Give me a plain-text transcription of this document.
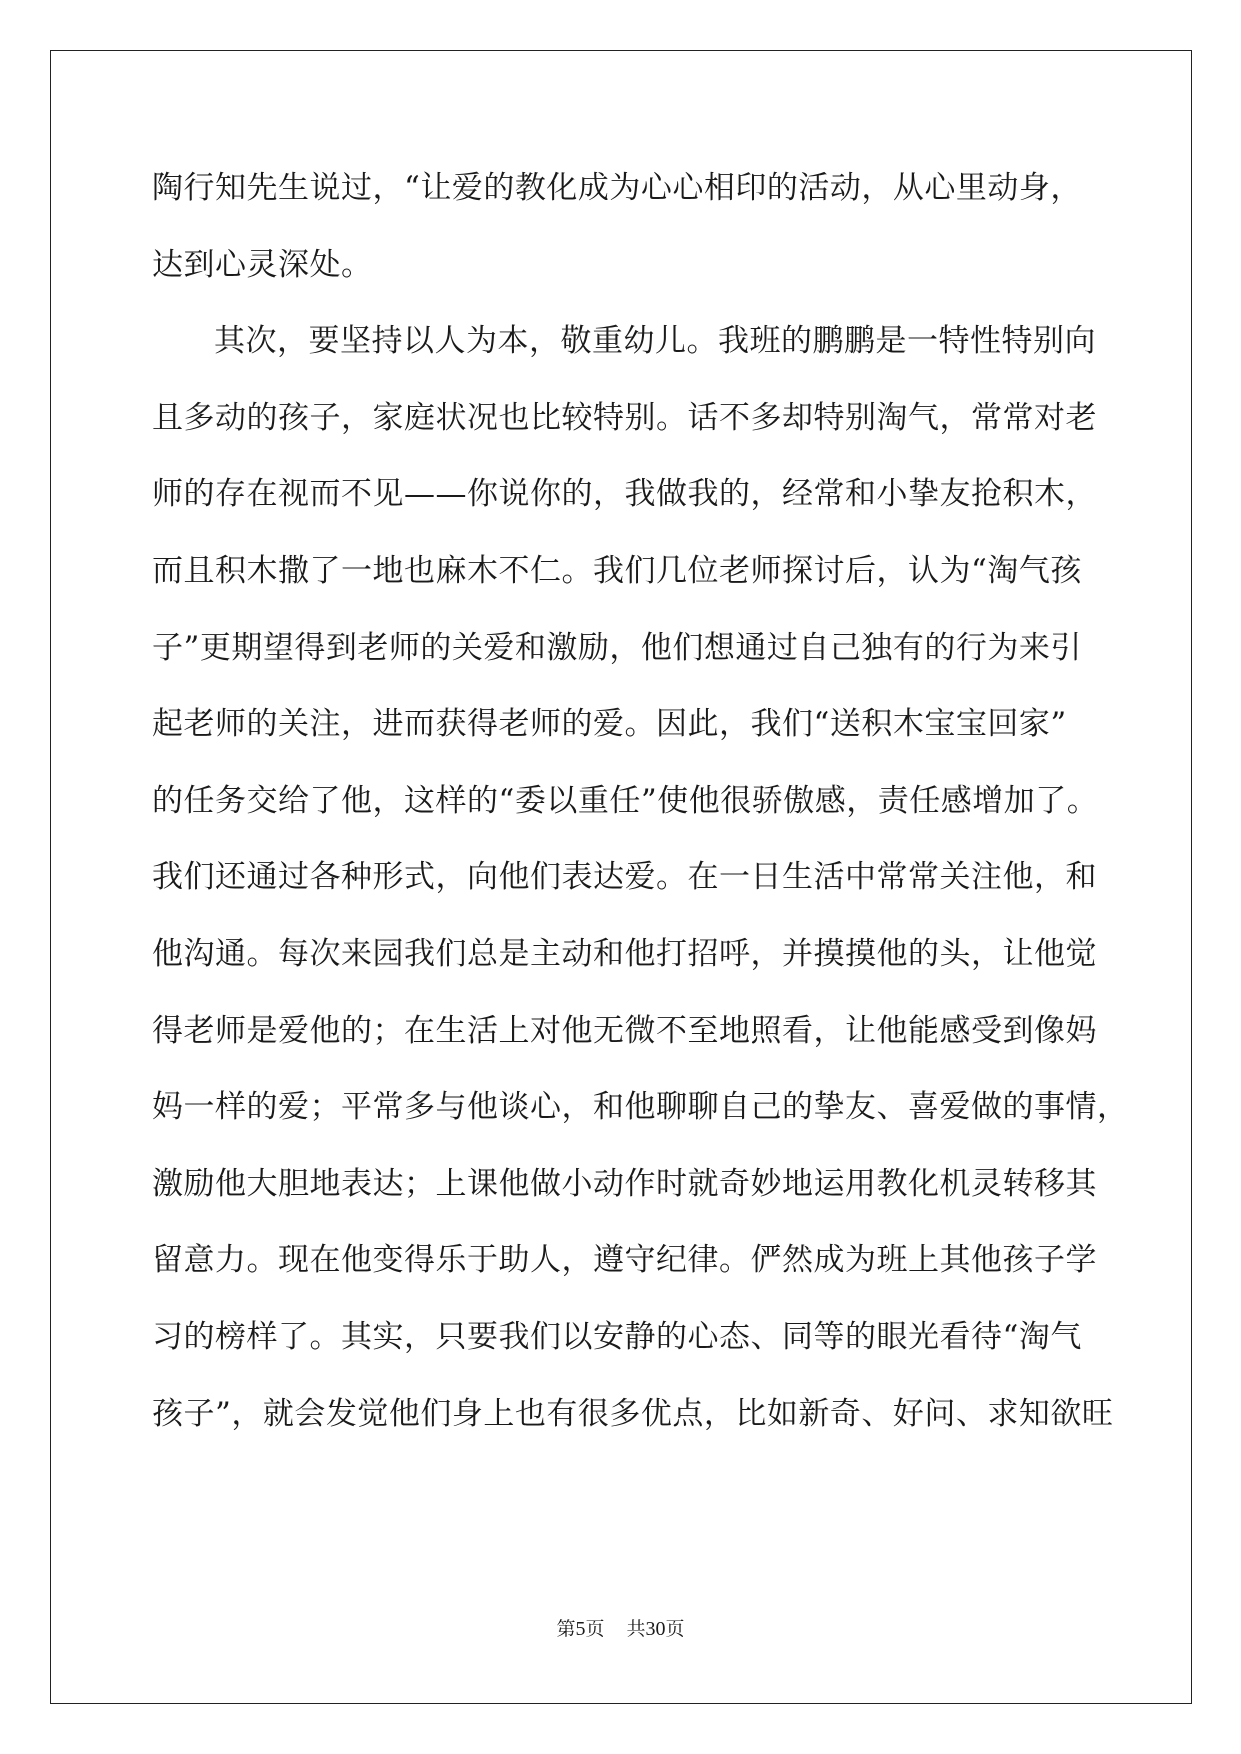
陶行知先生说过，“让爱的教化成为心心相印的活动，从心里动身，
达到心灵深处。
其次，要坚持以人为本，敬重幼儿。我班的鹏鹏是一特性特别向
且多动的孩子，家庭状况也比较特别。话不多却特别淘气，常常对老
师的存在视而不见——你说你的，我做我的，经常和小挚友抢积木，
而且积木撒了一地也麻木不仁。我们几位老师探讨后，认为“淘气孩
子”更期望得到老师的关爱和激励，他们想通过自己独有的行为来引
起老师的关注，进而获得老师的爱。因此，我们“送积木宝宝回家”
的任务交给了他，这样的“委以重任”使他很骄傲感，责任感增加了。
我们还通过各种形式，向他们表达爱。在一日生活中常常关注他，和
他沟通。每次来园我们总是主动和他打招呼，并摸摸他的头，让他觉
得老师是爱他的；在生活上对他无微不至地照看，让他能感受到像妈
妈一样的爱；平常多与他谈心，和他聊聊自己的挚友、喜爱做的事情，
激励他大胆地表达；上课他做小动作时就奇妙地运用教化机灵转移其
留意力。现在他变得乐于助人，遵守纪律。俨然成为班上其他孩子学
习的榜样了。其实，只要我们以安静的心态、同等的眼光看待“淘气
孩子”，就会发觉他们身上也有很多优点，比如新奇、好问、求知欲旺
第5页 共30页
